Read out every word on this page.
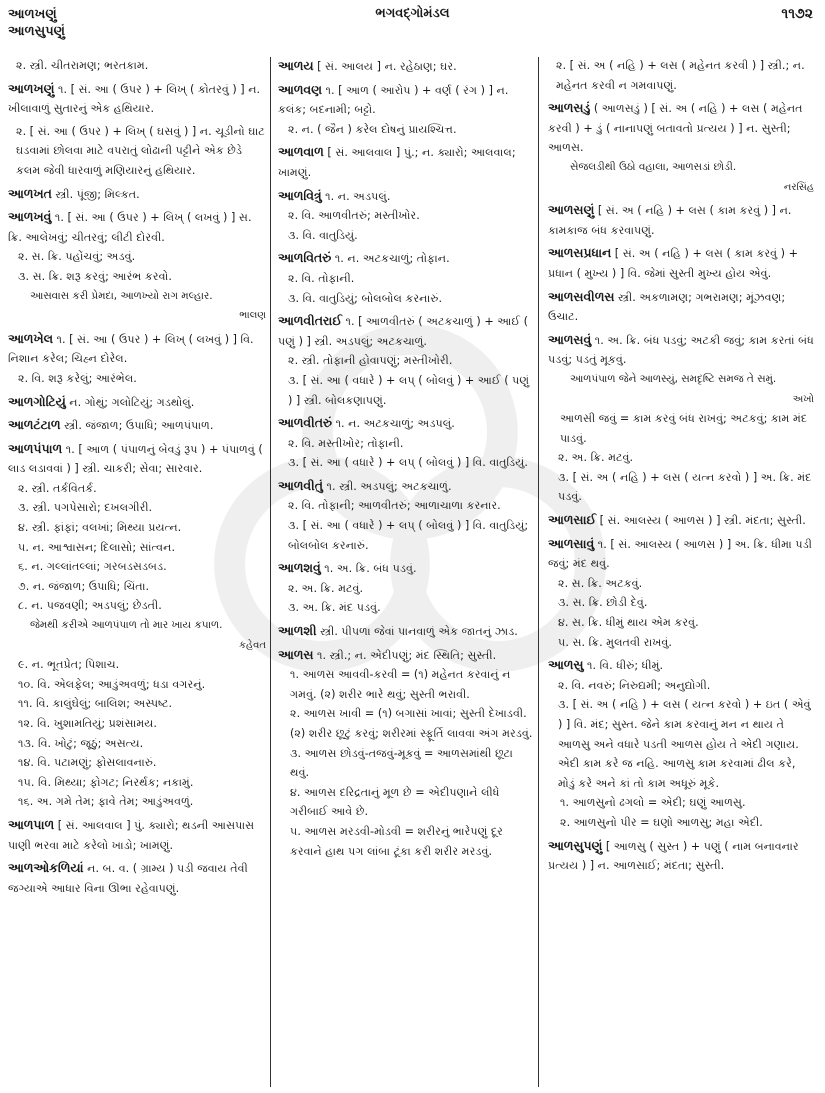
આળખણું
આળસુપણું
ભગવદ્ગોમંડલ	૧૧૭૨
૨. સ્ત્રી. ચીતરામણ; ભરતકામ.
આળખણું ૧. [ સં. આ ( ઉપર ) + લિખ્ ( કોતરવું ) ] ન. ખીલાવાળું સુતારનું એક હથિયાર.
૨. [ સં. આ ( ઉપર ) + લિખ્ ( ઘસવું ) ] ન. ચૂડીનો ઘાટ ઘડવામાં છોલવા માટે વપરાતું લોઢાની પટ્ટીને એક છેડે કલમ જેવી ધારવાળું મણિયારનું હથિયાર.
આળખત સ્ત્રી. પૂંજી; મિલ્કત.
આળખવું ૧. [ સં. આ ( ઉપર ) + લિખ્ ( લખવું ) ] સ. ક્રિ. આલેખવું; ચીતરવું; લીટી દોરવી.
૨. સ. ક્રિ. પહોંચવું; અડવું.
૩. સ. ક્રિ. શરૂ કરવું; આરંભ કરવો.
આસવાસ કરી પ્રેમદા, આળખ્યો રાગ મલ્હાર.
ભાલણ
આળખેલ ૧. [ સં. આ ( ઉપર ) + લિખ્ ( લખવું ) ] વિ. નિશાન કરેલ; ચિહ્ન દોરેલ.
૨. વિ. શરૂ કરેલું; આરંભેલ.
આળગોટિયું ન. ગોથું; ગલોટિયું; ગડથોલું.
આળટંટાળ સ્ત્રી. જંજાળ; ઉપાધિ; આળપંપાળ.
આળપંપાળ ૧. [ આળ ( પંપાળનું બેવડું રૂપ ) + પંપાળવું ( લાડ લડાવવાં ) ] સ્ત્રી. ચાકરી; સેવા; સારવાર.
૨. સ્ત્રી. તર્કવિતર્ક.
૩. સ્ત્રી. પગપેસારો; દખલગીરી.
૪. સ્ત્રી. ફાંફાં; વલખાં; મિથ્યા પ્રયત્ન.
૫. ન. આશ્વાસન; દિલાસો; સાંત્વન.
૬. ન. ગલ્લાંતલ્લાં; ગરબડસડબડ.
૭. ન. જંજાળ; ઉપાધિ; ચિંતા.
૮. ન. પજવણી; અડપલું; છેડતી.
જેમથી કરીએ આળપંપાળ તો માર ખાય કપાળ.
કહેવત
૯. ન. ભૂતપ્રેત; પિશાચ.
૧૦. વિ. એલફેલ; આડુંઅવળું; ધડા વગરનું.
૧૧. વિ. કાલુંઘેલું; બાલિશ; અસ્પષ્ટ.
૧૨. વિ. ખુશામતિયું; પ્રશંસામય.
૧૩. વિ. ખોટું; જૂઠું; અસત્ય.
૧૪. વિ. પટામણું; ફોસલાવનારું.
૧૫. વિ. મિથ્યા; ફોગટ; નિરર્થક; નકામું.
૧૬. અ. ગમે તેમ; ફાવે તેમ; આડુંઅવળું.
આળપાળ [ સં. આલવાલ ] પું. ક્યારો; થડની આસપાસ પાણી ભરવા માટે કરેલો ખાડો; ખામણું.
આળઓકળિયાં ન. બ. વ. ( ગ્રામ્ય ) પડી જવાય તેવી જગ્યાએ આધાર વિના ઊભા રહેવાપણું.
આળય [ સં. આલય ] ન. રહેઠાણ; ઘર.
આળવણ ૧. [ આળ ( આરોપ ) + વર્ણ ( રંગ ) ] ન. કલંક; બદનામી; બટ્ટો.
૨. ન. ( જૈન ) કરેલ દોષનું પ્રાયશ્ચિત્ત.
આળવાળ [ સં. આલવાલ ] પું.; ન. ક્યારો; આલવાલ; ખામણું.
આળવિત્રું ૧. ન. અડપલું.
૨. વિ. આળવીતરું; મસ્તીખોર.
૩. વિ. વાતુડિયું.
આળવિતરું ૧. ન. અટકચાળું; તોફાન.
૨. વિ. તોફાની.
૩. વિ. વાતુડિયું; બોલબોલ કરનારું.
આળવીતરાઈ ૧. [ આળવીતરું ( અટકચાળું ) + આઈ ( પણું ) ] સ્ત્રી. અડપલું; અટકચાળું.
૨. સ્ત્રી. તોફાની હોવાપણું; મસ્તીખોરી.
૩. [ સં. આ ( વધારે ) + લપ્ ( બોલવું ) + આઈ ( પણું ) ] સ્ત્રી. બોલકણાપણું.
આળવીતરું ૧. ન. અટકચાળું; અડપલું.
૨. વિ. મસ્તીખોર; તોફાની.
૩. [ સં. આ ( વધારે ) + લપ્ ( બોલવું ) ] વિ. વાતુડિયું.
આળવીતું ૧. સ્ત્રી. અડપલું; અટકચાળું.
૨. વિ. તોફાની; આળવીતરું; આળાચાળા કરનાર.
૩. [ સં. આ ( વધારે ) + લપ્ ( બોલવું ) ] વિ. વાતુડિયું; બોલબોલ કરનારું.
આળશવું ૧. અ. ક્રિ. બંધ પડવું.
૨. અ. ક્રિ. મટવું.
૩. અ. ક્રિ. મંદ પડવું.
આળશી સ્ત્રી. પીપળા જેવાં પાનવાળું એક જાતનું ઝાડ.
આળસ ૧. સ્ત્રી.; ન. એદીપણું; મંદ સ્થિતિ; સુસ્તી.
૧. આળસ આવવી-કરવી = (૧) મહેનત કરવાનું ન ગમવું. (૨) શરીર ભારે થવું; સુસ્તી ભરાવી.
૨. આળસ ખાવી = (૧) બગાસાં ખાવાં; સુસ્તી દેખાડવી. (૨) શરીર છૂટું કરવું; શરીરમાં સ્ફૂર્તિ લાવવા અંગ મરડવું.
૩. આળસ છોડવું-તજવું-મૂકવું = આળસમાંથી છૂટા થવું.
૪. આળસ દરિદ્રતાનું મૂળ છે = એદીપણાને લીધે ગરીબાઈ આવે છે.
૫. આળસ મરડવી-મોડવી = શરીરનું ભારેપણું દૂર કરવાને હાથ પગ લાંબા ટૂંકા કરી શરીર મરડવું.
૨. [ સં. અ ( નહિ ) + લસ ( મહેનત કરવી ) ] સ્ત્રી.; ન. મહેનત કરવી ન ગમવાપણું.
આળસડું ( આળસડું ) [ સં. અ ( નહિ ) + લસ ( મહેનત કરવી ) + ડું ( નાનાપણું બતાવતો પ્રત્યય ) ] ન. સુસ્તી; આળસ.
સેજલડીથી ઉઠો વહાલા, આળસડાં છોડી.
નરસિંહ
આળસણું [ સં. અ ( નહિ ) + લસ ( કામ કરવું ) ] ન. કામકાજ બંધ કરવાપણું.
આળસપ્રધાન [ સં. અ ( નહિ ) + લસ ( કામ કરવું ) + પ્રધાન ( મુખ્ય ) ] વિ. જેમાં સુસ્તી મુખ્ય હોય એવું.
આળસવીળસ સ્ત્રી. અકળામણ; ગભરામણ; મૂંઝવણ; ઉચાટ.
આળસવું ૧. અ. ક્રિ. બંધ પડવું; અટકી જવું; કામ કરતાં બંધ પડવું; પડતું મૂકવું.
આળપંપાળ જેને આળસ્યું, સમદૃષ્ટિ સમજ તે સમું.
અખો
આળસી જવું = કામ કરવું બંધ રાખવું; અટકવું; કામ મંદ પાડવું.
૨. અ. ક્રિ. મટવું.
૩. [ સં. અ ( નહિ ) + લસ ( યત્ન કરવો ) ] અ. ક્રિ. મંદ પડવું.
આળસાઈ [ સં. આલસ્ય ( આળસ ) ] સ્ત્રી. મંદતા; સુસ્તી.
આળસાવું ૧. [ સં. આલસ્ય ( આળસ ) ] અ. ક્રિ. ધીમા પડી જવું; મંદ થવું.
૨. સ. ક્રિ. અટકવું.
૩. સ. ક્રિ. છોડી દેવું.
૪. સ. ક્રિ. ધીમું થાય એમ કરવું.
૫. સ. ક્રિ. મુલતવી રાખવું.
આળસુ ૧. વિ. ધીરું; ધીમું.
૨. વિ. નવરું; નિરુદ્યમી; અનુદ્યોગી.
૩. [ સં. અ ( નહિ ) + લસ ( યત્ન કરવો ) + ઇત ( એવું ) ] વિ. મંદ; સુસ્ત. જેને કામ કરવાનું મન ન થાય તે આળસુ અને વધારે પડતી આળસ હોય તે એદી ગણાય. એદી કામ કરે જ નહિ. આળસુ કામ કરવામાં ઢીલ કરે, મોડું કરે અને કાં તો કામ અધૂરું મૂકે.
૧. આળસુનો ઢગલો = એદી; ઘણું આળસુ.
૨. આળસુનો પીર = ઘણો આળસુ; મહા એદી.
આળસુપણું [ આળસુ ( સુસ્ત ) + પણું ( નામ બનાવનાર પ્રત્યય ) ] ન. આળસાઈ; મંદતા; સુસ્તી.
